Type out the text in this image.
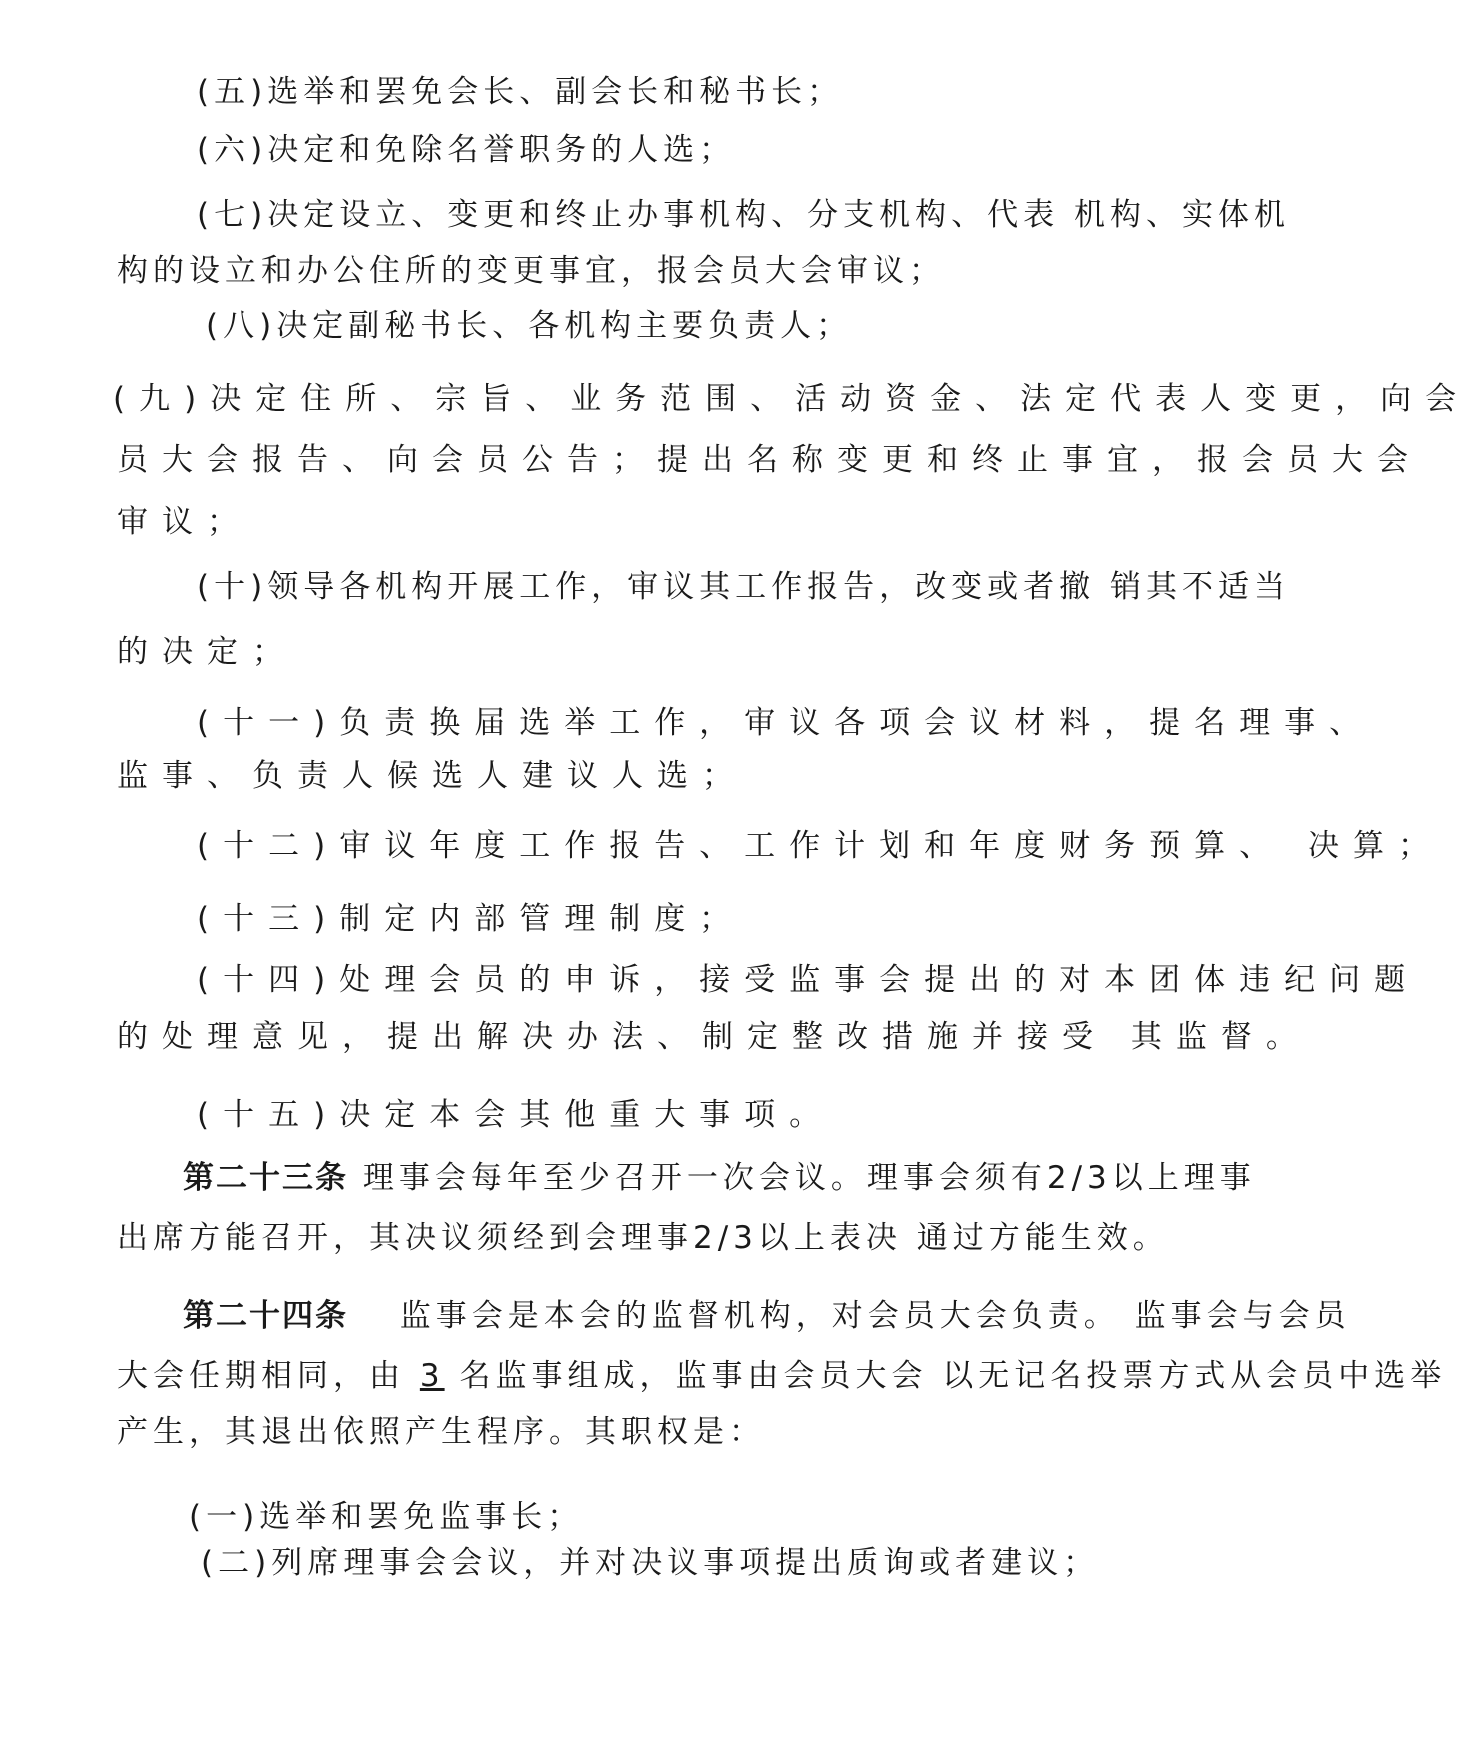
(五)选举和罢免会长、副会长和秘书长；
(六)决定和免除名誉职务的人选；
(七)决定设立、变更和终止办事机构、分支机构、代表 机构、实体机
构的设立和办公住所的变更事宜，报会员大会审议；
(八)决定副秘书长、各机构主要负责人；
(九)决定住所、宗旨、业务范围、活动资金、法定代表人变更，向会
员大会报告、向会员公告；提出名称变更和终止事宜，报会员大会
审议；
(十)领导各机构开展工作，审议其工作报告，改变或者撤 销其不适当
的决定；
(十一)负责换届选举工作，审议各项会议材料，提名理事、
监事、负责人候选人建议人选；
(十二)审议年度工作报告、工作计划和年度财务预算、 决算；
(十三)制定内部管理制度；
(十四)处理会员的申诉，接受监事会提出的对本团体违纪问题
的处理意见，提出解决办法、制定整改措施并接受 其监督。
(十五)决定本会其他重大事项。
第二十三条 理事会每年至少召开一次会议。理事会须有2/3以上理事
出席方能召开，其决议须经到会理事2/3以上表决 通过方能生效。
第二十四条 监事会是本会的监督机构，对会员大会负责。 监事会与会员
大会任期相同，由 3 名监事组成，监事由会员大会 以无记名投票方式从会员中选举
产生，其退出依照产生程序。其职权是：
(一)选举和罢免监事长；
(二)列席理事会会议，并对决议事项提出质询或者建议；
